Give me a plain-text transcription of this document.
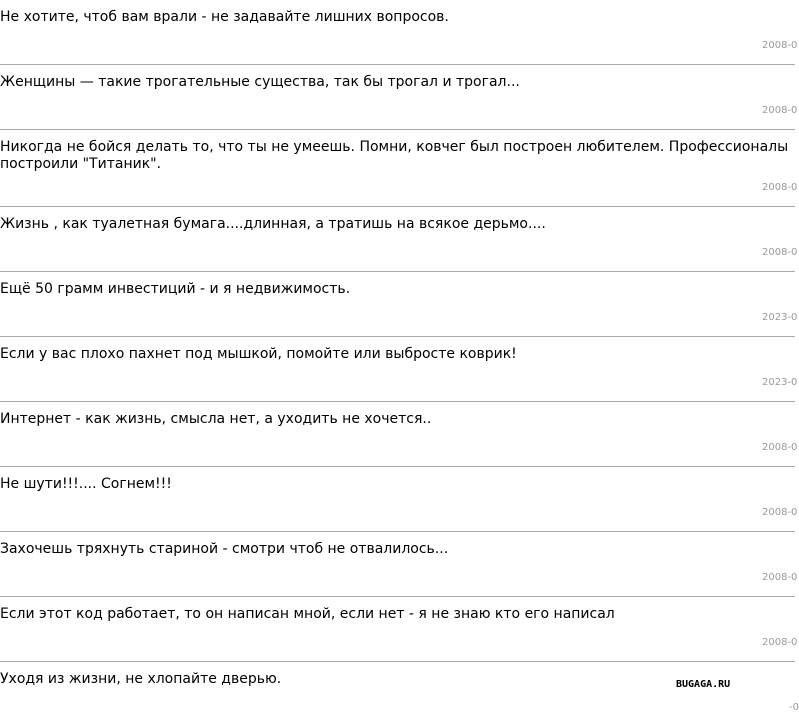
Не хотите, чтоб вам врали - не задавайте лишних вопросов.
2008-0
Женщины — такие трогательные существа, так бы трогал и трогал...
2008-0
Никогда не бойся делать то, что ты не умеешь. Помни, ковчег был построен любителем. Профессионалы построили "Титаник".
2008-0
Жизнь , как туалетная бумага....длинная, а тратишь на всякое дерьмо....
2008-0
Ещё 50 грамм инвестиций - и я недвижимость.
2023-0
Если у вас плохо пахнет под мышкой, помойте или выбросте коврик!
2023-0
Интернет - как жизнь, смысла нет, а уходить не хочется..
2008-0
Не шути!!!.... Согнем!!!
2008-0
Захочешь тряхнуть стариной - смотри чтоб не отвалилось...
2008-0
Если этот код работает, то он написан мной, если нет - я не знаю кто его написал
2008-0
Уходя из жизни, не хлопайте дверью.	BUGAGA.RU
-0
